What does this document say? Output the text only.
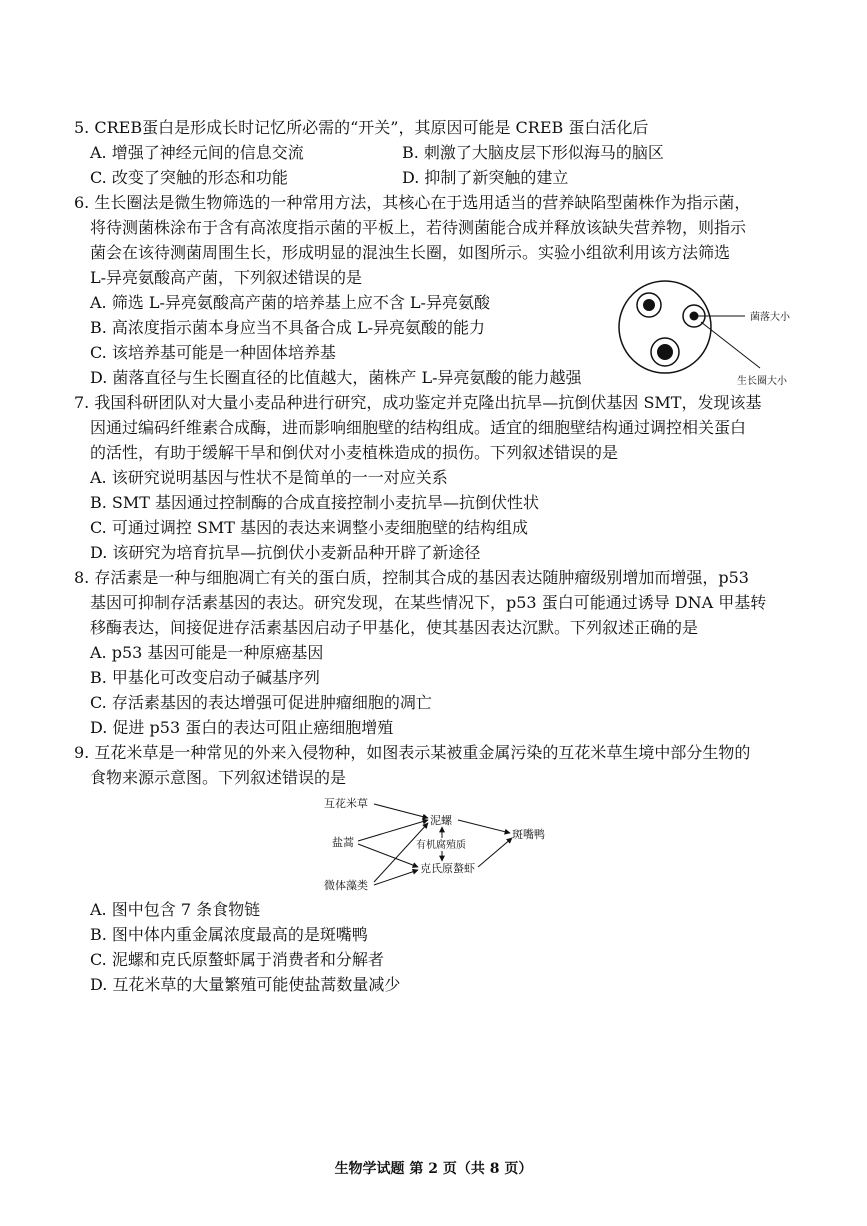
5. CREB蛋白是形成长时记忆所必需的“开关”，其原因可能是 CREB 蛋白活化后
A. 增强了神经元间的信息交流	B. 刺激了大脑皮层下形似海马的脑区
C. 改变了突触的形态和功能	D. 抑制了新突触的建立
6. 生长圈法是微生物筛选的一种常用方法，其核心在于选用适当的营养缺陷型菌株作为指示菌，
将待测菌株涂布于含有高浓度指示菌的平板上，若待测菌能合成并释放该缺失营养物，则指示
菌会在该待测菌周围生长，形成明显的混浊生长圈，如图所示。实验小组欲利用该方法筛选
L-异亮氨酸高产菌，下列叙述错误的是
A. 筛选 L-异亮氨酸高产菌的培养基上应不含 L-异亮氨酸
B. 高浓度指示菌本身应当不具备合成 L-异亮氨酸的能力
C. 该培养基可能是一种固体培养基
D. 菌落直径与生长圈直径的比值越大，菌株产 L-异亮氨酸的能力越强
菌落大小
生长圈大小
7. 我国科研团队对大量小麦品种进行研究，成功鉴定并克隆出抗旱—抗倒伏基因 SMT，发现该基
因通过编码纤维素合成酶，进而影响细胞壁的结构组成。适宜的细胞壁结构通过调控相关蛋白
的活性，有助于缓解干旱和倒伏对小麦植株造成的损伤。下列叙述错误的是
A. 该研究说明基因与性状不是简单的一一对应关系
B. SMT 基因通过控制酶的合成直接控制小麦抗旱—抗倒伏性状
C. 可通过调控 SMT 基因的表达来调整小麦细胞壁的结构组成
D. 该研究为培育抗旱—抗倒伏小麦新品种开辟了新途径
8. 存活素是一种与细胞凋亡有关的蛋白质，控制其合成的基因表达随肿瘤级别增加而增强，p53
基因可抑制存活素基因的表达。研究发现，在某些情况下，p53 蛋白可能通过诱导 DNA 甲基转
移酶表达，间接促进存活素基因启动子甲基化，使其基因表达沉默。下列叙述正确的是
A. p53 基因可能是一种原癌基因
B. 甲基化可改变启动子碱基序列
C. 存活素基因的表达增强可促进肿瘤细胞的凋亡
D. 促进 p53 蛋白的表达可阻止癌细胞增殖
9. 互花米草是一种常见的外来入侵物种，如图表示某被重金属污染的互花米草生境中部分生物的
食物来源示意图。下列叙述错误的是
互花米草
盐蒿
微体藻类
泥螺
有机腐殖质
克氏原螯虾
斑嘴鸭
A. 图中包含 7 条食物链
B. 图中体内重金属浓度最高的是斑嘴鸭
C. 泥螺和克氏原螯虾属于消费者和分解者
D. 互花米草的大量繁殖可能使盐蒿数量减少
生物学试题 第 2 页（共 8 页）
